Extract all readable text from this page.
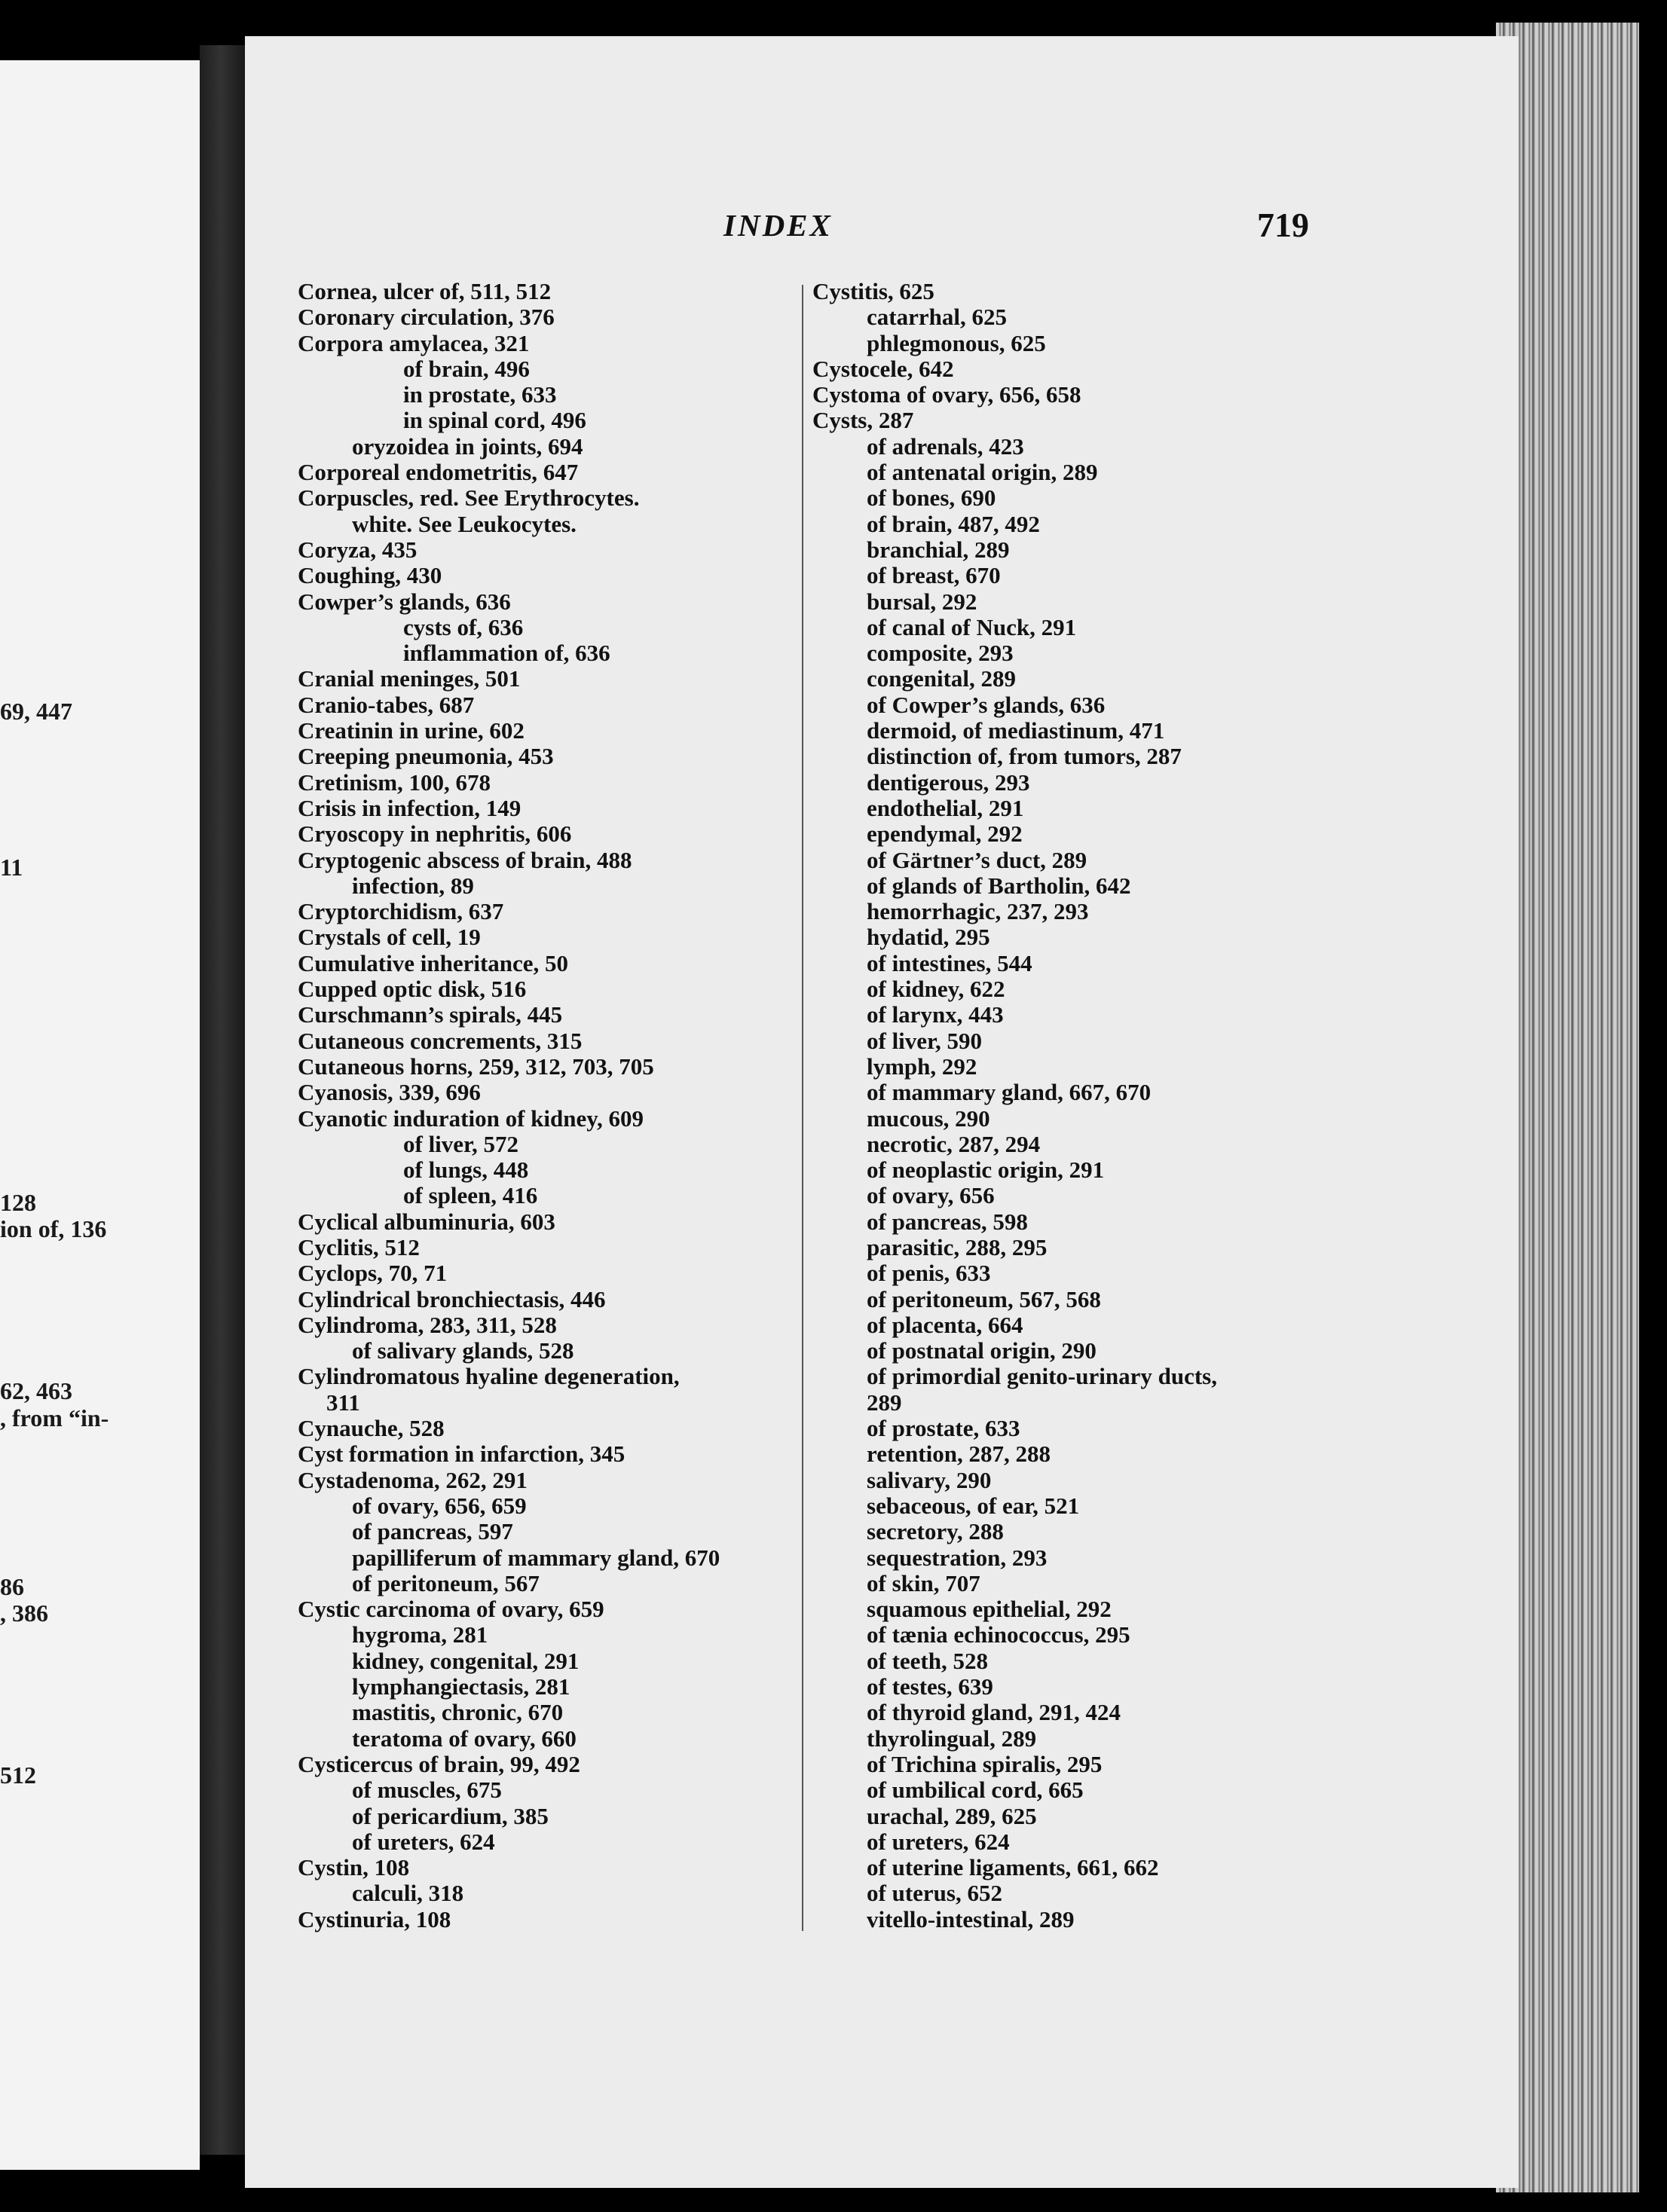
69, 447
11
128
ion of, 136
62, 463
, from “in-
86
, 386
512
INDEX	719
Cornea, ulcer of, 511, 512
Coronary circulation, 376
Corpora amylacea, 321
of brain, 496
in prostate, 633
in spinal cord, 496
oryzoidea in joints, 694
Corporeal endometritis, 647
Corpuscles, red. See Erythrocytes.
white. See Leukocytes.
Coryza, 435
Coughing, 430
Cowper’s glands, 636
cysts of, 636
inflammation of, 636
Cranial meninges, 501
Cranio-tabes, 687
Creatinin in urine, 602
Creeping pneumonia, 453
Cretinism, 100, 678
Crisis in infection, 149
Cryoscopy in nephritis, 606
Cryptogenic abscess of brain, 488
infection, 89
Cryptorchidism, 637
Crystals of cell, 19
Cumulative inheritance, 50
Cupped optic disk, 516
Curschmann’s spirals, 445
Cutaneous concrements, 315
Cutaneous horns, 259, 312, 703, 705
Cyanosis, 339, 696
Cyanotic induration of kidney, 609
of liver, 572
of lungs, 448
of spleen, 416
Cyclical albuminuria, 603
Cyclitis, 512
Cyclops, 70, 71
Cylindrical bronchiectasis, 446
Cylindroma, 283, 311, 528
of salivary glands, 528
Cylindromatous hyaline degeneration,
311
Cynauche, 528
Cyst formation in infarction, 345
Cystadenoma, 262, 291
of ovary, 656, 659
of pancreas, 597
papilliferum of mammary gland, 670
of peritoneum, 567
Cystic carcinoma of ovary, 659
hygroma, 281
kidney, congenital, 291
lymphangiectasis, 281
mastitis, chronic, 670
teratoma of ovary, 660
Cysticercus of brain, 99, 492
of muscles, 675
of pericardium, 385
of ureters, 624
Cystin, 108
calculi, 318
Cystinuria, 108
Cystitis, 625
catarrhal, 625
phlegmonous, 625
Cystocele, 642
Cystoma of ovary, 656, 658
Cysts, 287
of adrenals, 423
of antenatal origin, 289
of bones, 690
of brain, 487, 492
branchial, 289
of breast, 670
bursal, 292
of canal of Nuck, 291
composite, 293
congenital, 289
of Cowper’s glands, 636
dermoid, of mediastinum, 471
distinction of, from tumors, 287
dentigerous, 293
endothelial, 291
ependymal, 292
of Gärtner’s duct, 289
of glands of Bartholin, 642
hemorrhagic, 237, 293
hydatid, 295
of intestines, 544
of kidney, 622
of larynx, 443
of liver, 590
lymph, 292
of mammary gland, 667, 670
mucous, 290
necrotic, 287, 294
of neoplastic origin, 291
of ovary, 656
of pancreas, 598
parasitic, 288, 295
of penis, 633
of peritoneum, 567, 568
of placenta, 664
of postnatal origin, 290
of primordial genito-urinary ducts,
289
of prostate, 633
retention, 287, 288
salivary, 290
sebaceous, of ear, 521
secretory, 288
sequestration, 293
of skin, 707
squamous epithelial, 292
of tænia echinococcus, 295
of teeth, 528
of testes, 639
of thyroid gland, 291, 424
thyrolingual, 289
of Trichina spiralis, 295
of umbilical cord, 665
urachal, 289, 625
of ureters, 624
of uterine ligaments, 661, 662
of uterus, 652
vitello-intestinal, 289
